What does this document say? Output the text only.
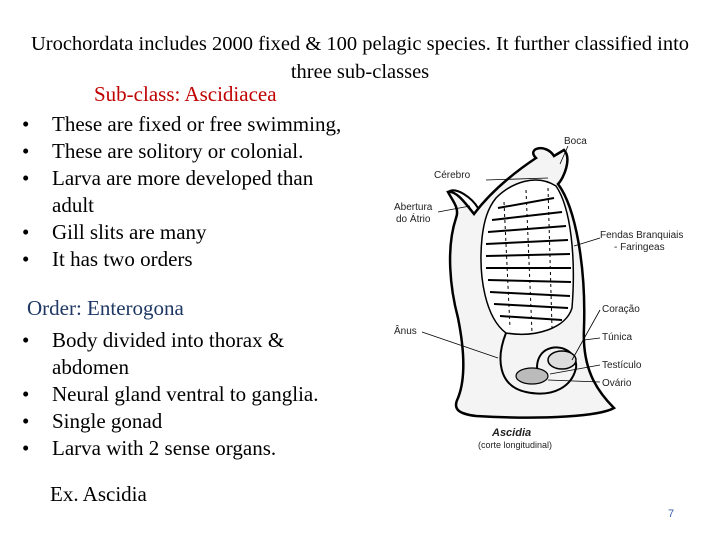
Urochordata includes 2000 fixed & 100 pelagic species. It further classified into three sub-classes
Sub-class: Ascidiacea
• These are fixed or free swimming,
• These are solitory or colonial.
• Larva are more developed than adult
• Gill slits are many
• It has two orders
Order: Enterogona
• Body divided into thorax & abdomen
• Neural gland ventral to ganglia.
• Single gonad
• Larva with 2 sense organs.
Ex. Ascidia
7
Boca
Cérebro
Abertura
do Átrio
Fendas Branquiais
- Faringeas
Coração
Túnica
Ânus
Testículo
Ovário
Ascidia
(corte longitudinal)
